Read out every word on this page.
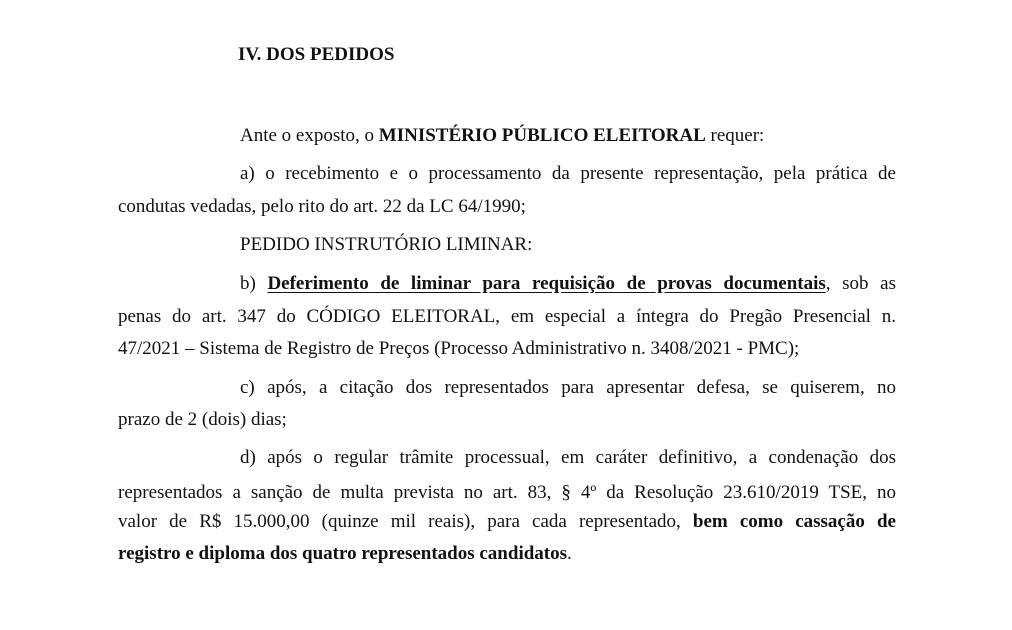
IV. DOS PEDIDOS
Ante o exposto, o MINISTÉRIO PÚBLICO ELEITORAL requer:
a) o recebimento e o processamento da presente representação, pela prática de
condutas vedadas, pelo rito do art. 22 da LC 64/1990;
PEDIDO INSTRUTÓRIO LIMINAR:
b) Deferimento de liminar para requisição de provas documentais, sob as
penas do art. 347 do CÓDIGO ELEITORAL, em especial a íntegra do Pregão Presencial n.
47/2021 – Sistema de Registro de Preços (Processo Administrativo n. 3408/2021 - PMC);
c) após, a citação dos representados para apresentar defesa, se quiserem, no
prazo de 2 (dois) dias;
d) após o regular trâmite processual, em caráter definitivo, a condenação dos
representados a sanção de multa prevista no art. 83, § 4º da Resolução 23.610/2019 TSE, no
valor de R$ 15.000,00 (quinze mil reais), para cada representado, bem como cassação de
registro e diploma dos quatro representados candidatos.
